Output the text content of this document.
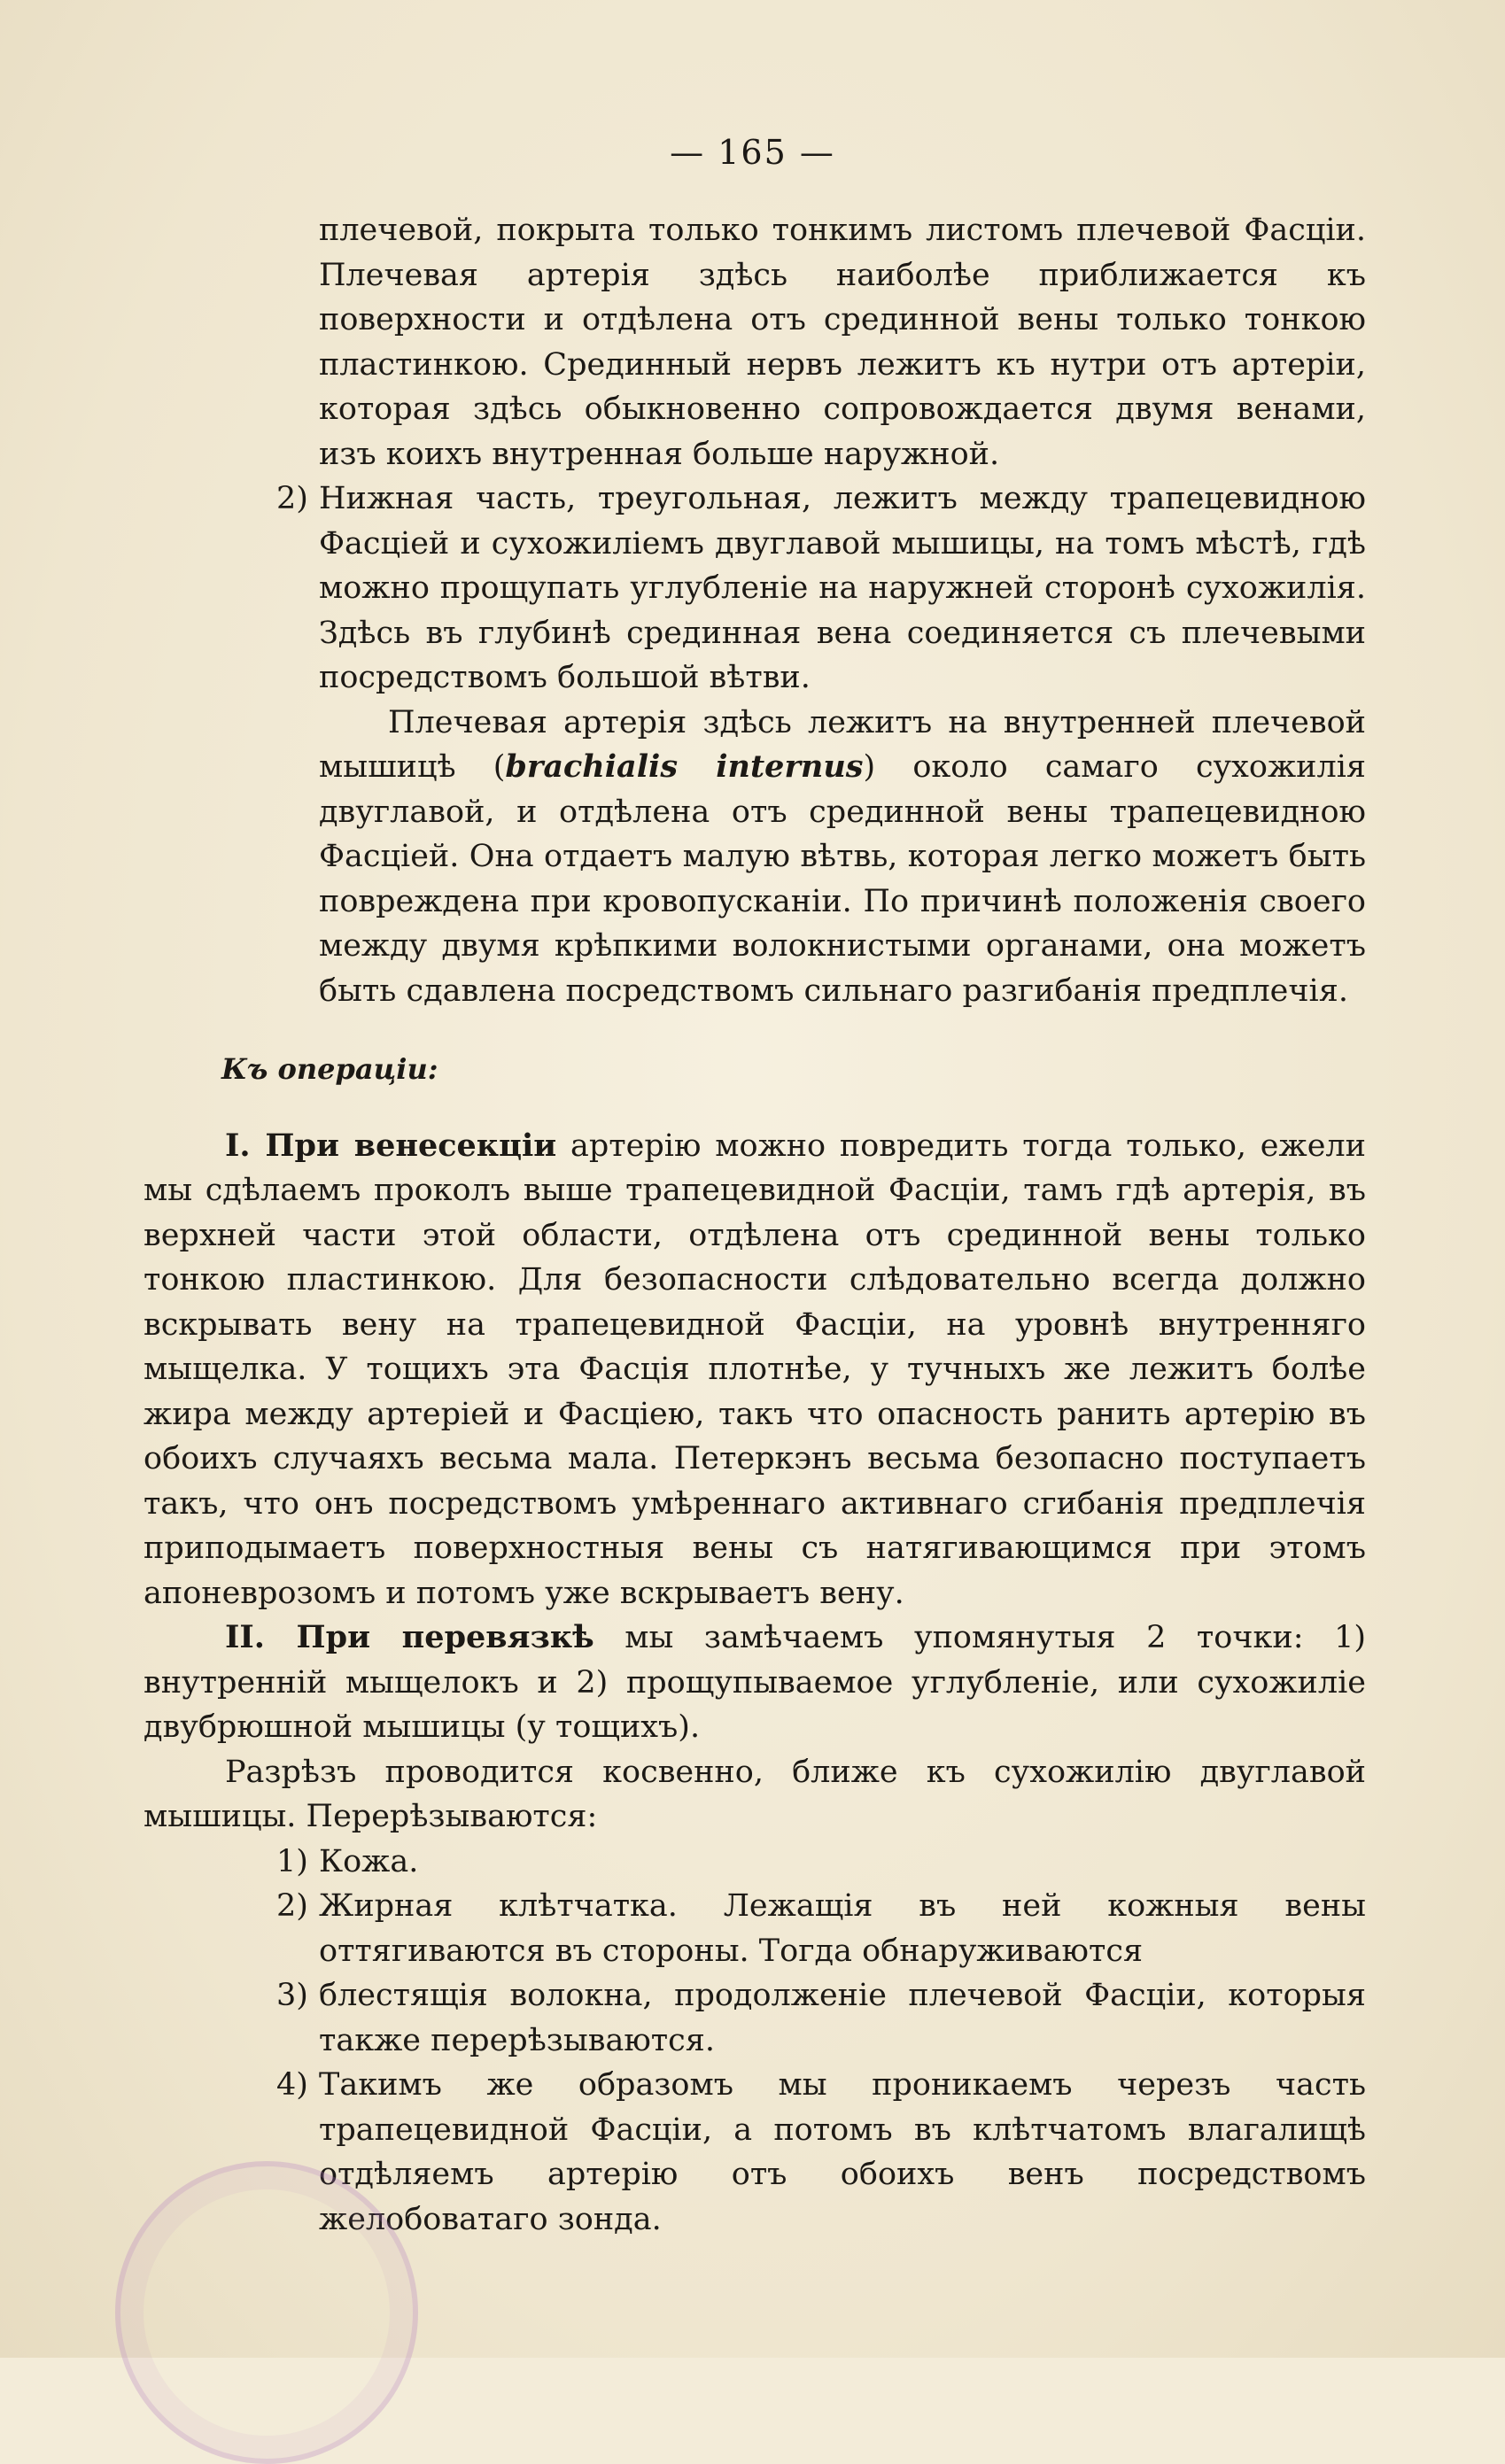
— 165 —

плечевой, покрыта только тонкимъ листомъ плечевой Фасціи. Плечевая артерія здѣсь наиболѣе приближается къ поверхности и отдѣлена отъ срединной вены только тонкою пластинкою. Срединный нервъ лежитъ къ нутри отъ артеріи, которая здѣсь обыкновенно сопровождается двумя венами, изъ коихъ внутренная больше наружной.

2) Нижная часть, треугольная, лежитъ между трапецевидною Фасціей и сухожиліемъ двуглавой мышицы, на томъ мѣстѣ, гдѣ можно прощупать углубленіе на наружней сторонѣ сухожилія. Здѣсь въ глубинѣ срединная вена соединяется съ плечевыми посредствомъ большой вѣтви.

Плечевая артерія здѣсь лежитъ на внутренней плечевой мышицѣ (brachialis internus) около самаго сухожилія двуглавой, и отдѣлена отъ срединной вены трапецевидною Фасціей. Она отдаетъ малую вѣтвь, которая легко можетъ быть повреждена при кровопусканіи. По причинѣ положенія своего между двумя крѣпкими волокнистыми органами, она можетъ быть сдавлена посредствомъ сильнаго разгибанія предплечія.

Къ операціи:

I. При венесекціи артерію можно повредить тогда только, ежели мы сдѣлаемъ проколъ выше трапецевидной Фасціи, тамъ гдѣ артерія, въ верхней части этой области, отдѣлена отъ срединной вены только тонкою пластинкою. Для безопасности слѣдовательно всегда должно вскрывать вену на трапецевидной Фасціи, на уровнѣ внутренняго мыщелка. У тощихъ эта Фасція плотнѣе, у тучныхъ же лежитъ болѣе жира между артеріей и Фасціею, такъ что опасность ранить артерію въ обоихъ случаяхъ весьма мала. Петеркэнъ весьма безопасно поступаетъ такъ, что онъ посредствомъ умѣреннаго активнаго сгибанія предплечія приподымаетъ поверхностныя вены съ натягивающимся при этомъ апоневрозомъ и потомъ уже вскрываетъ вену.

II. При перевязкѣ мы замѣчаемъ упомянутыя 2 точки: 1) внутренній мыщелокъ и 2) прощупываемое углубленіе, или сухожиліе двубрюшной мышицы (у тощихъ).

Разрѣзъ проводится косвенно, ближе къ сухожилію двуглавой мышицы. Перерѣзываются:

1) Кожа.

2) Жирная клѣтчатка. Лежащія въ ней кожныя вены оттягиваются въ стороны. Тогда обнаруживаются

3) блестящія волокна, продолженіе плечевой Фасціи, которыя также перерѣзываются.

4) Такимъ же образомъ мы проникаемъ черезъ часть трапецевидной Фасціи, а потомъ въ клѣтчатомъ влагалищѣ отдѣляемъ артерію отъ обоихъ венъ посредствомъ желобоватаго зонда.
